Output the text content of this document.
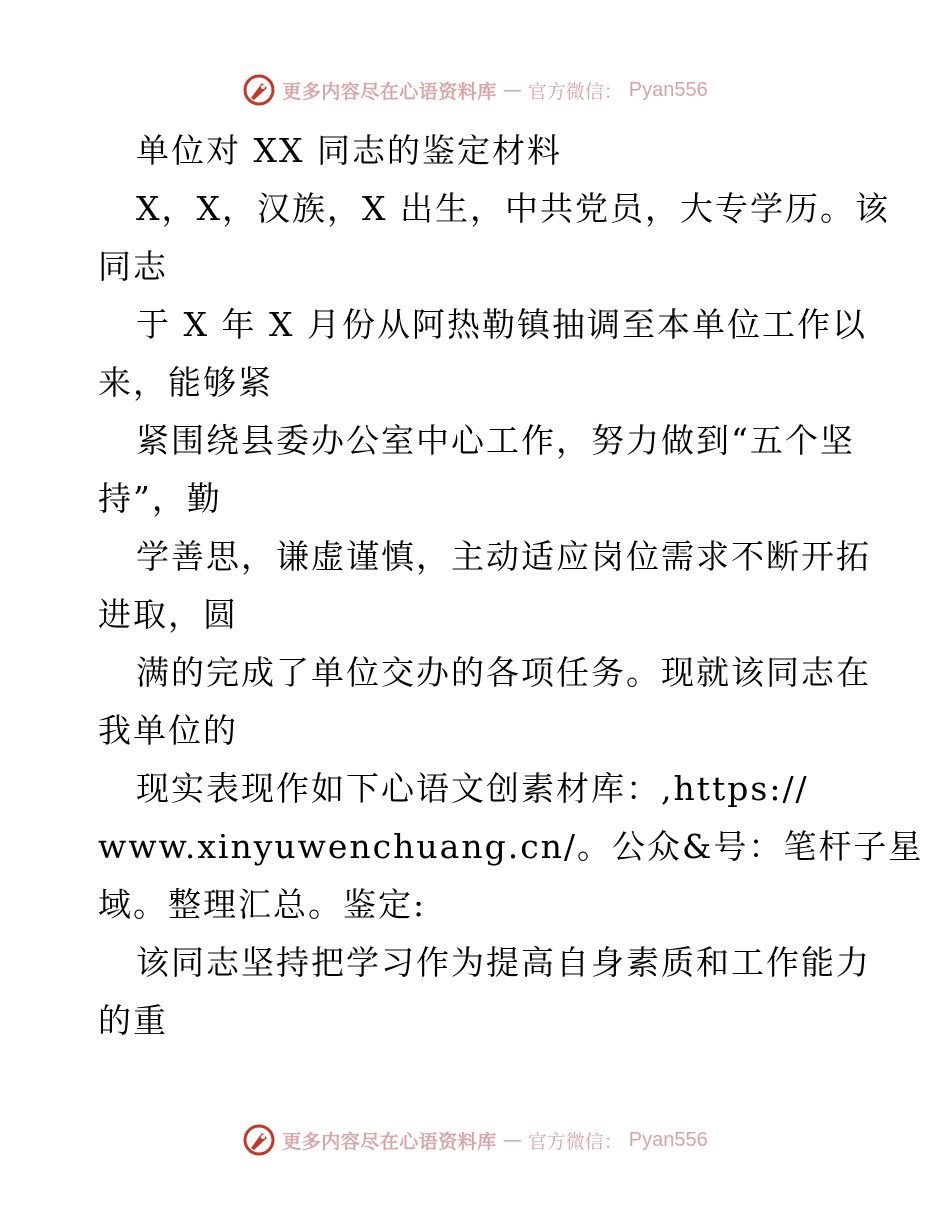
更多内容尽在心语资料库 — 官方微信： Pyan556
单位对 XX 同志的鉴定材料
X，X，汉族，X 出生，中共党员，大专学历。该
同志
于 X 年 X 月份从阿热勒镇抽调至本单位工作以
来，能够紧
紧围绕县委办公室中心工作，努力做到“五个坚
持”，勤
学善思，谦虚谨慎，主动适应岗位需求不断开拓
进取，圆
满的完成了单位交办的各项任务。现就该同志在
我单位的
现实表现作如下心语文创素材库：,https://
www.xinyuwenchuang.cn/。公众&号：笔杆子星
域。整理汇总。鉴定:
该同志坚持把学习作为提高自身素质和工作能力
的重
更多内容尽在心语资料库 — 官方微信： Pyan556
